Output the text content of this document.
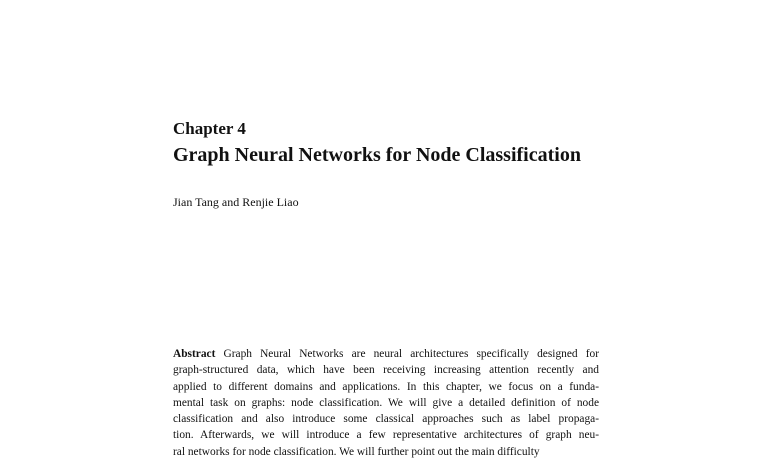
Chapter 4
Graph Neural Networks for Node Classification
Jian Tang and Renjie Liao
Abstract Graph Neural Networks are neural architectures specifically designed for
graph-structured data, which have been receiving increasing attention recently and
applied to different domains and applications. In this chapter, we focus on a funda-
mental task on graphs: node classification. We will give a detailed definition of node
classification and also introduce some classical approaches such as label propaga-
tion. Afterwards, we will introduce a few representative architectures of graph neu-
ral networks for node classification. We will further point out the main difficulty
